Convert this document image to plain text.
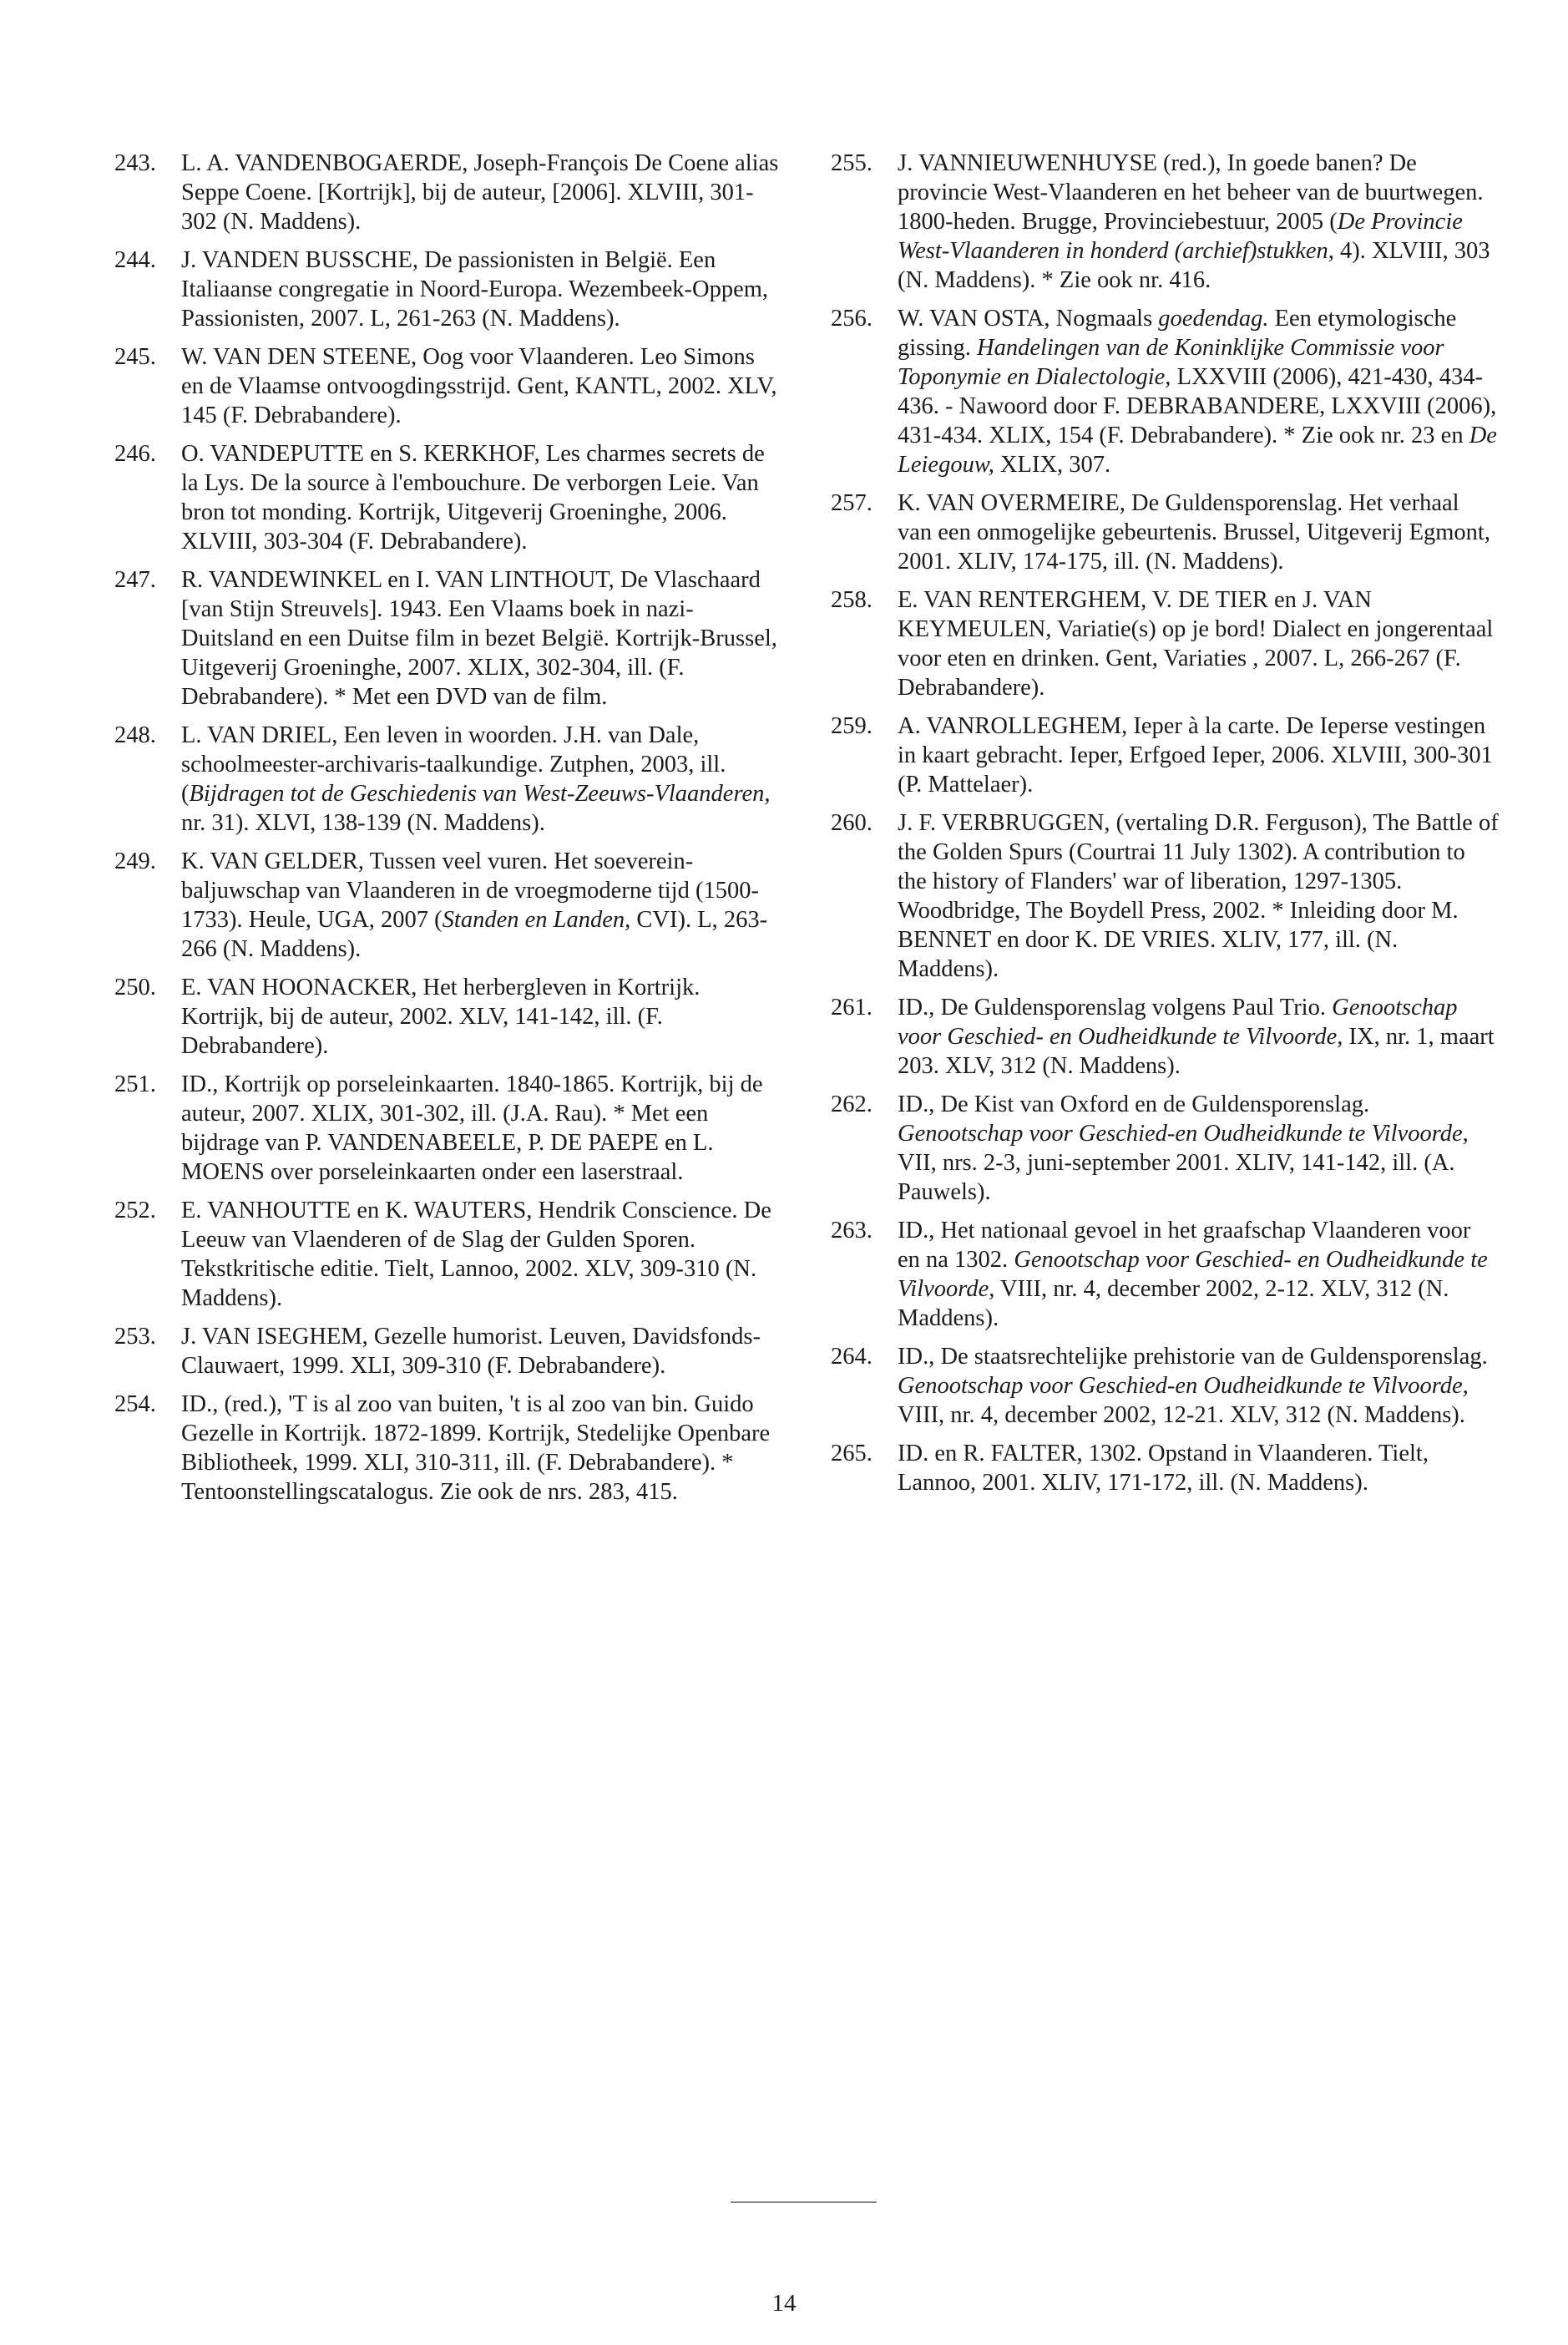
243. L. A. VANDENBOGAERDE, Joseph-François De Coene alias Seppe Coene. [Kortrijk], bij de auteur, [2006]. XLVIII, 301-302 (N. Maddens).
244. J. VANDEN BUSSCHE, De passionisten in België. Een Italiaanse congregatie in Noord-Europa. Wezembeek-Oppem, Passionisten, 2007. L, 261-263 (N. Maddens).
245. W. VAN DEN STEENE, Oog voor Vlaanderen. Leo Simons en de Vlaamse ontvoogdingsstrijd. Gent, KANTL, 2002. XLV, 145 (F. Debrabandere).
246. O. VANDEPUTTE en S. KERKHOF, Les charmes secrets de la Lys. De la source à l'embouchure. De verborgen Leie. Van bron tot monding. Kortrijk, Uitgeverij Groeninghe, 2006. XLVIII, 303-304 (F. Debrabandere).
247. R. VANDEWINKEL en I. VAN LINTHOUT, De Vlaschaard [van Stijn Streuvels]. 1943. Een Vlaams boek in nazi-Duitsland en een Duitse film in bezet België. Kortrijk-Brussel, Uitgeverij Groeninghe, 2007. XLIX, 302-304, ill. (F. Debrabandere). * Met een DVD van de film.
248. L. VAN DRIEL, Een leven in woorden. J.H. van Dale, schoolmeester-archivaris-taalkundige. Zutphen, 2003, ill. (Bijdragen tot de Geschiedenis van West-Zeeuws-Vlaanderen, nr. 31). XLVI, 138-139 (N. Maddens).
249. K. VAN GELDER, Tussen veel vuren. Het soeverein-baljuwschap van Vlaanderen in de vroegmoderne tijd (1500-1733). Heule, UGA, 2007 (Standen en Landen, CVI). L, 263-266 (N. Maddens).
250. E. VAN HOONACKER, Het herbergleven in Kortrijk. Kortrijk, bij de auteur, 2002. XLV, 141-142, ill. (F. Debrabandere).
251. ID., Kortrijk op porseleinkaarten. 1840-1865. Kortrijk, bij de auteur, 2007. XLIX, 301-302, ill. (J.A. Rau). * Met een bijdrage van P. VANDENABEELE, P. DE PAEPE en L. MOENS over porseleinkaarten onder een laserstraal.
252. E. VANHOUTTE en K. WAUTERS, Hendrik Conscience. De Leeuw van Vlaenderen of de Slag der Gulden Sporen. Tekstkritische editie. Tielt, Lannoo, 2002. XLV, 309-310 (N. Maddens).
253. J. VAN ISEGHEM, Gezelle humorist. Leuven, Davidsfonds-Clauwaert, 1999. XLI, 309-310 (F. Debrabandere).
254. ID., (red.), 'T is al zoo van buiten, 't is al zoo van bin. Guido Gezelle in Kortrijk. 1872-1899. Kortrijk, Stedelijke Openbare Bibliotheek, 1999. XLI, 310-311, ill. (F. Debrabandere). * Tentoonstellingscatalogus. Zie ook de nrs. 283, 415.
255. J. VANNIEUWENHUYSE (red.), In goede banen? De provincie West-Vlaanderen en het beheer van de buurtwegen. 1800-heden. Brugge, Provinciebestuur, 2005 (De Provincie West-Vlaanderen in honderd (archief)stukken, 4). XLVIII, 303 (N. Maddens). * Zie ook nr. 416.
256. W. VAN OSTA, Nogmaals goedendag. Een etymologische gissing. Handelingen van de Koninklijke Commissie voor Toponymie en Dialectologie, LXXVIII (2006), 421-430, 434-436. - Nawoord door F. DEBRABANDERE, LXXVIII (2006), 431-434. XLIX, 154 (F. Debrabandere). * Zie ook nr. 23 en De Leiegouw, XLIX, 307.
257. K. VAN OVERMEIRE, De Guldensporenslag. Het verhaal van een onmogelijke gebeurtenis. Brussel, Uitgeverij Egmont, 2001. XLIV, 174-175, ill. (N. Maddens).
258. E. VAN RENTERGHEM, V. DE TIER en J. VAN KEYMEULEN, Variatie(s) op je bord! Dialect en jongerentaal voor eten en drinken. Gent, Variaties , 2007. L, 266-267 (F. Debrabandere).
259. A. VANROLLEGHEM, Ieper à la carte. De Ieperse vestingen in kaart gebracht. Ieper, Erfgoed Ieper, 2006. XLVIII, 300-301 (P. Mattelaer).
260. J. F. VERBRUGGEN, (vertaling D.R. Ferguson), The Battle of the Golden Spurs (Courtrai 11 July 1302). A contribution to the history of Flanders' war of liberation, 1297-1305. Woodbridge, The Boydell Press, 2002. * Inleiding door M. BENNET en door K. DE VRIES. XLIV, 177, ill. (N. Maddens).
261. ID., De Guldensporenslag volgens Paul Trio. Genootschap voor Geschied- en Oudheidkunde te Vilvoorde, IX, nr. 1, maart 203. XLV, 312 (N. Maddens).
262. ID., De Kist van Oxford en de Guldensporenslag. Genootschap voor Geschied-en Oudheidkunde te Vilvoorde, VII, nrs. 2-3, juni-september 2001. XLIV, 141-142, ill. (A. Pauwels).
263. ID., Het nationaal gevoel in het graafschap Vlaanderen voor en na 1302. Genootschap voor Geschied- en Oudheidkunde te Vilvoorde, VIII, nr. 4, december 2002, 2-12. XLV, 312 (N. Maddens).
264. ID., De staatsrechtelijke prehistorie van de Guldensporenslag. Genootschap voor Geschied-en Oudheidkunde te Vilvoorde, VIII, nr. 4, december 2002, 12-21. XLV, 312 (N. Maddens).
265. ID. en R. FALTER, 1302. Opstand in Vlaanderen. Tielt, Lannoo, 2001. XLIV, 171-172, ill. (N. Maddens).
14
